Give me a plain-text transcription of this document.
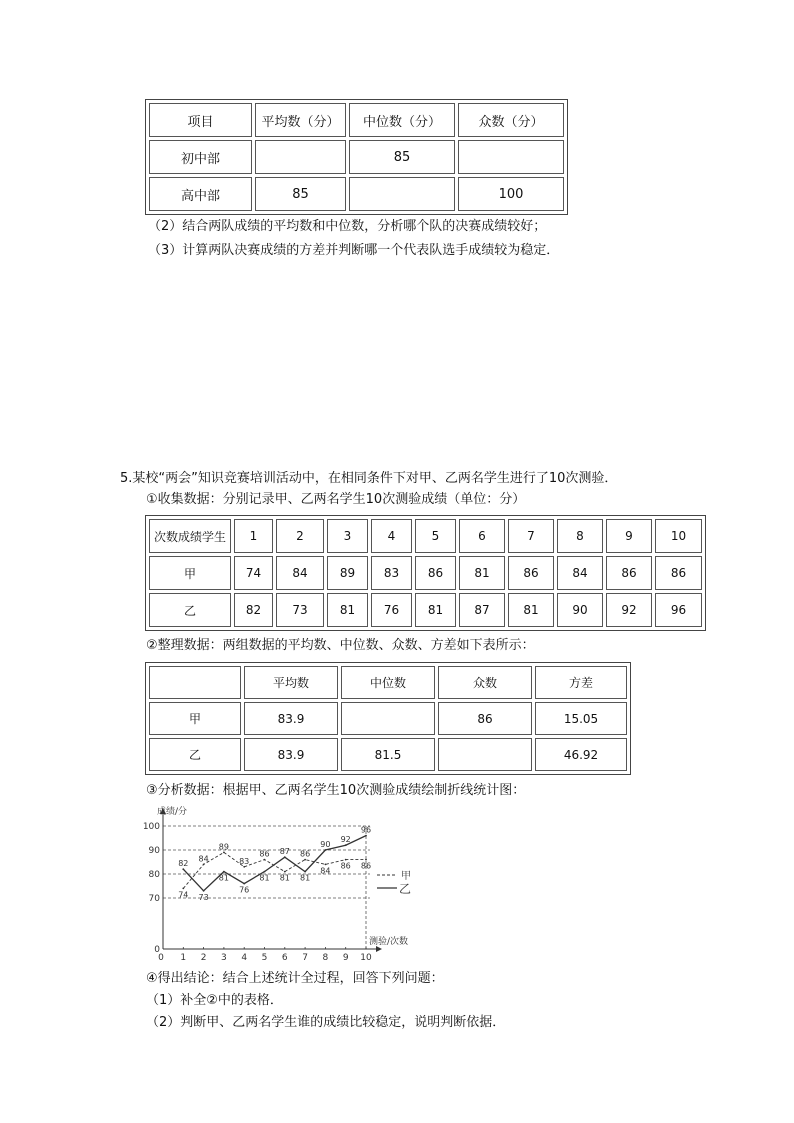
项目	平均数（分）	中位数（分）	众数（分）
初中部		85	
高中部	85		100
（2）结合两队成绩的平均数和中位数，分析哪个队的决赛成绩较好；
（3）计算两队决赛成绩的方差并判断哪一个代表队选手成绩较为稳定．
5.某校“两会”知识竞赛培训活动中，在相同条件下对甲、乙两名学生进行了10次测验．
①收集数据：分别记录甲、乙两名学生10次测验成绩（单位：分）
次数成绩学生	1	2	3	4	5	6	7	8	9	10
甲	74	84	89	83	86	81	86	84	86	86
乙	82	73	81	76	81	87	81	90	92	96
②整理数据：两组数据的平均数、中位数、众数、方差如下表所示：
	平均数	中位数	众数	方差
甲	83.9		86	15.05
乙	83.9	81.5		46.92
③分析数据：根据甲、乙两名学生10次测验成绩绘制折线统计图：
成绩/分
测验/次数
0
70
80
90
100
0 1 2 3 4 5 6 7 8 9 10
74
84
89
83
86
81
86
84
86 86
82
73
81
76
81
87
81
90
92
96
甲
乙
④得出结论：结合上述统计全过程，回答下列问题：
（1）补全②中的表格．
（2）判断甲、乙两名学生谁的成绩比较稳定，说明判断依据．
